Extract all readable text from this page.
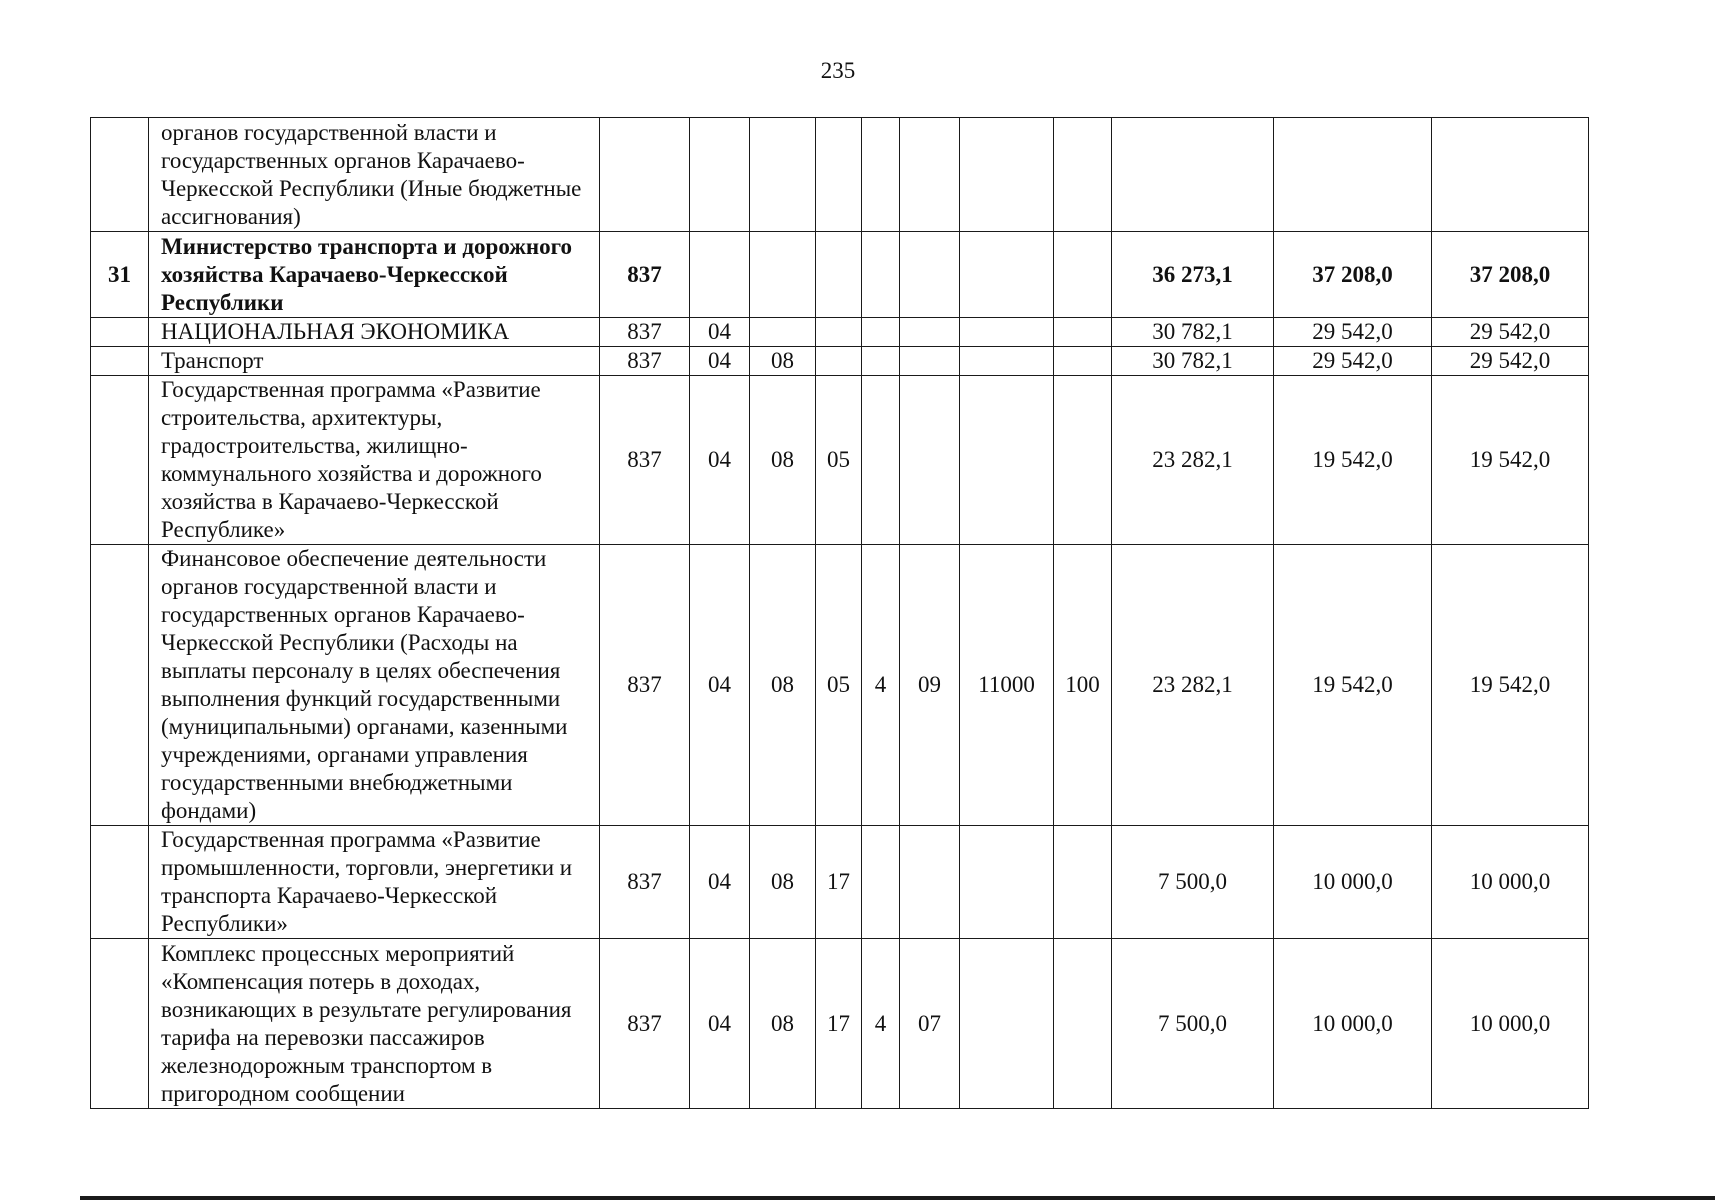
235
	органов государственной власти и государственных органов Карачаево-Черкесской Республики (Иные бюджетные ассигнования)											
31	Министерство транспорта и дорожного хозяйства Карачаево-Черкесской Республики	837								36 273,1	37 208,0	37 208,0
	НАЦИОНАЛЬНАЯ ЭКОНОМИКА	837	04							30 782,1	29 542,0	29 542,0
	Транспорт	837	04	08						30 782,1	29 542,0	29 542,0
	Государственная программа «Развитие строительства, архитектуры, градостроительства, жилищно-коммунального хозяйства и дорожного хозяйства в Карачаево-Черкесской Республике»	837	04	08	05					23 282,1	19 542,0	19 542,0
	Финансовое обеспечение деятельности органов государственной власти и государственных органов Карачаево-Черкесской Республики (Расходы на выплаты персоналу в целях обеспечения выполнения функций государственными (муниципальными) органами, казенными учреждениями, органами управления государственными внебюджетными фондами)	837	04	08	05	4	09	11000	100	23 282,1	19 542,0	19 542,0
	Государственная программа «Развитие промышленности, торговли, энергетики и транспорта Карачаево-Черкесской Республики»	837	04	08	17					7 500,0	10 000,0	10 000,0
	Комплекс процессных мероприятий «Компенсация потерь в доходах, возникающих в результате регулирования тарифа на перевозки пассажиров железнодорожным транспортом в пригородном сообщении	837	04	08	17	4	07			7 500,0	10 000,0	10 000,0
